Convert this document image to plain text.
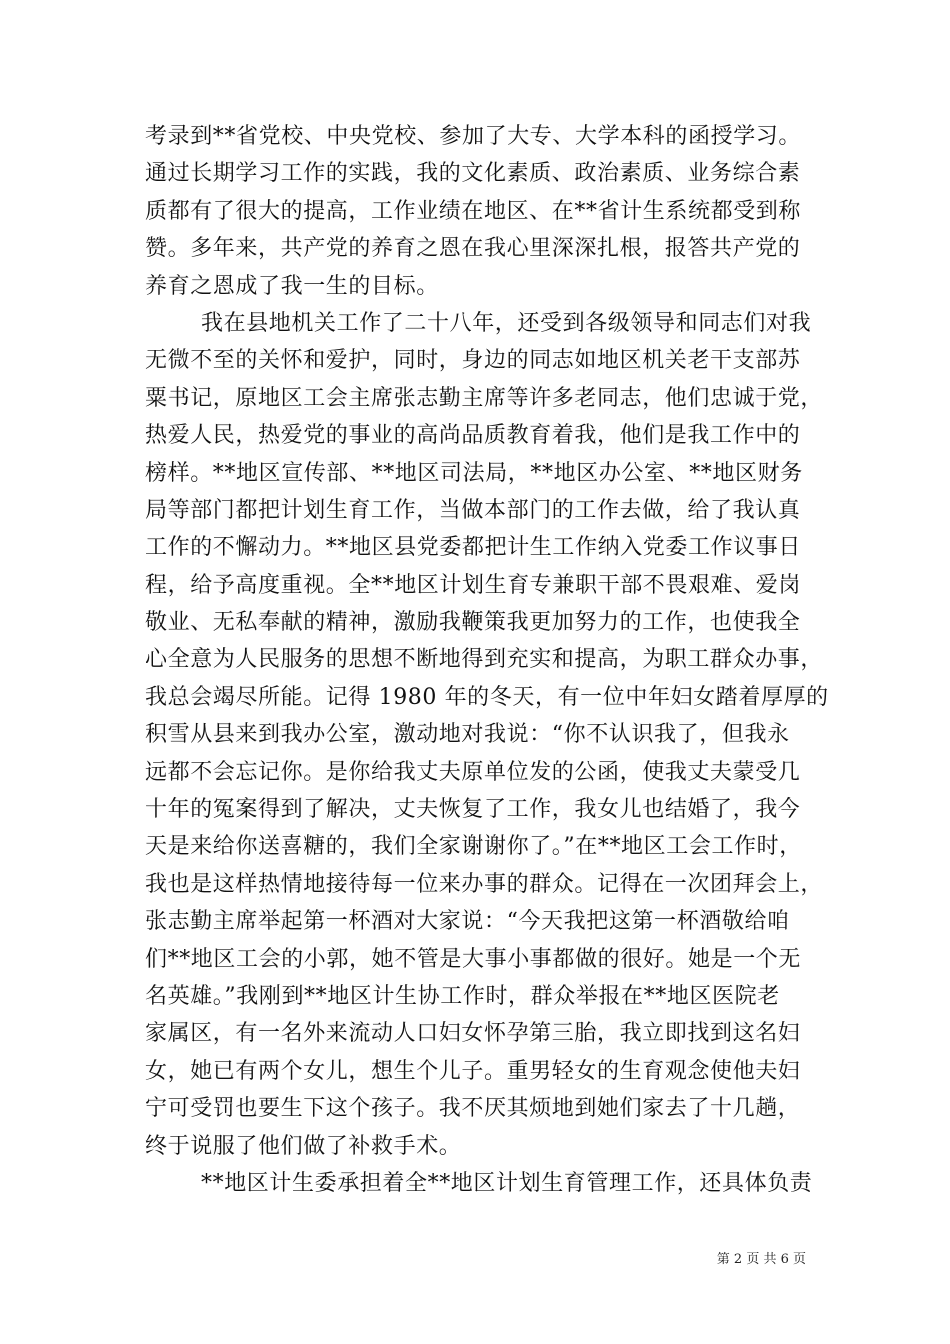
考录到**省党校、中央党校、参加了大专、大学本科的函授学习。
通过长期学习工作的实践，我的文化素质、政治素质、业务综合素
质都有了很大的提高，工作业绩在地区、在**省计生系统都受到称
赞。多年来，共产党的养育之恩在我心里深深扎根，报答共产党的
养育之恩成了我一生的目标。
我在县地机关工作了二十八年，还受到各级领导和同志们对我
无微不至的关怀和爱护，同时，身边的同志如地区机关老干支部苏
粟书记，原地区工会主席张志勤主席等许多老同志，他们忠诚于党，
热爱人民，热爱党的事业的高尚品质教育着我，他们是我工作中的
榜样。**地区宣传部、**地区司法局，**地区办公室、**地区财务
局等部门都把计划生育工作，当做本部门的工作去做，给了我认真
工作的不懈动力。**地区县党委都把计生工作纳入党委工作议事日
程，给予高度重视。全**地区计划生育专兼职干部不畏艰难、爱岗
敬业、无私奉献的精神，激励我鞭策我更加努力的工作，也使我全
心全意为人民服务的思想不断地得到充实和提高，为职工群众办事，
我总会竭尽所能。记得 1980 年的冬天，有一位中年妇女踏着厚厚的
积雪从县来到我办公室，激动地对我说：“你不认识我了，但我永
远都不会忘记你。是你给我丈夫原单位发的公函，使我丈夫蒙受几
十年的冤案得到了解决，丈夫恢复了工作，我女儿也结婚了，我今
天是来给你送喜糖的，我们全家谢谢你了。”在**地区工会工作时，
我也是这样热情地接待每一位来办事的群众。记得在一次团拜会上，
张志勤主席举起第一杯酒对大家说：“今天我把这第一杯酒敬给咱
们**地区工会的小郭，她不管是大事小事都做的很好。她是一个无
名英雄。”我刚到**地区计生协工作时，群众举报在**地区医院老
家属区，有一名外来流动人口妇女怀孕第三胎，我立即找到这名妇
女，她已有两个女儿，想生个儿子。重男轻女的生育观念使他夫妇
宁可受罚也要生下这个孩子。我不厌其烦地到她们家去了十几趟，
终于说服了他们做了补救手术。
**地区计生委承担着全**地区计划生育管理工作，还具体负责
第 2 页 共 6 页
